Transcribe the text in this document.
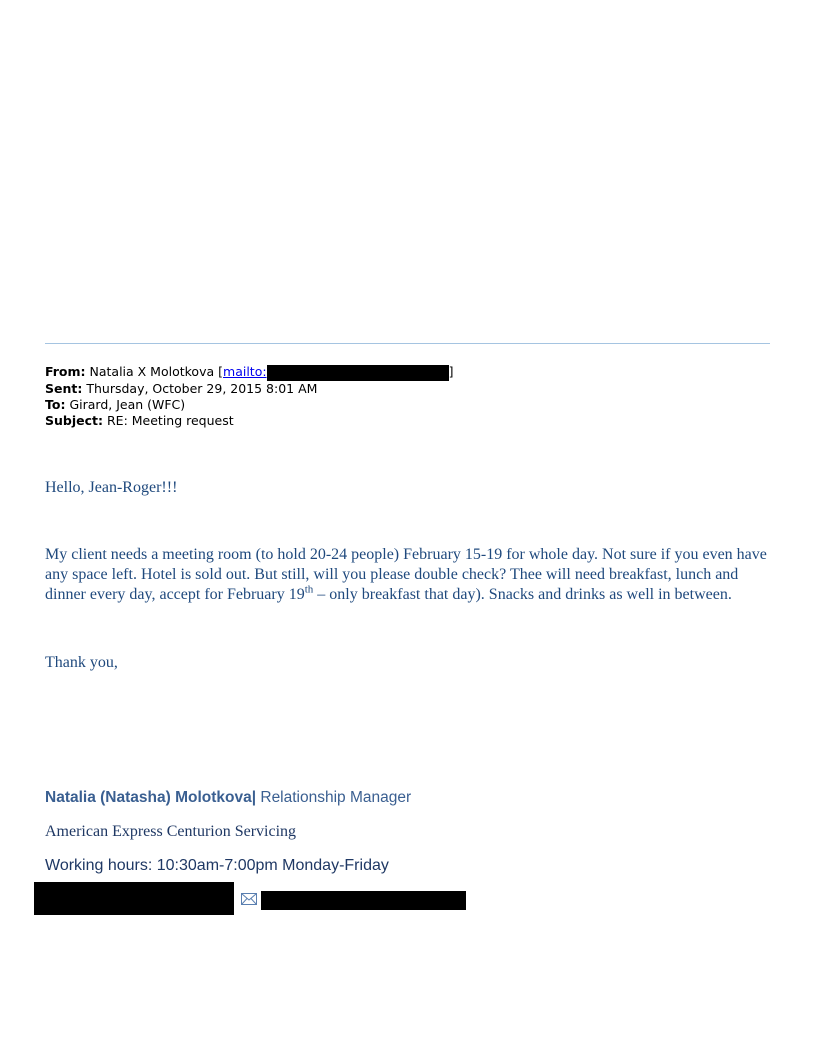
From: Natalia X Molotkova [mailto:	]
Sent: Thursday, October 29, 2015 8:01 AM
To: Girard, Jean (WFC)
Subject: RE: Meeting request
Hello, Jean-Roger!!!
My client needs a meeting room (to hold 20-24 people) February 15-19 for whole day. Not sure if you even have any space left. Hotel is sold out. But still, will you please double check? Thee will need breakfast, lunch and dinner every day, accept for February 19th – only breakfast that day). Snacks and drinks as well in between.
Thank you,
Natalia (Natasha) Molotkova| Relationship Manager
American Express Centurion Servicing
Working hours: 10:30am-7:00pm Monday-Friday
